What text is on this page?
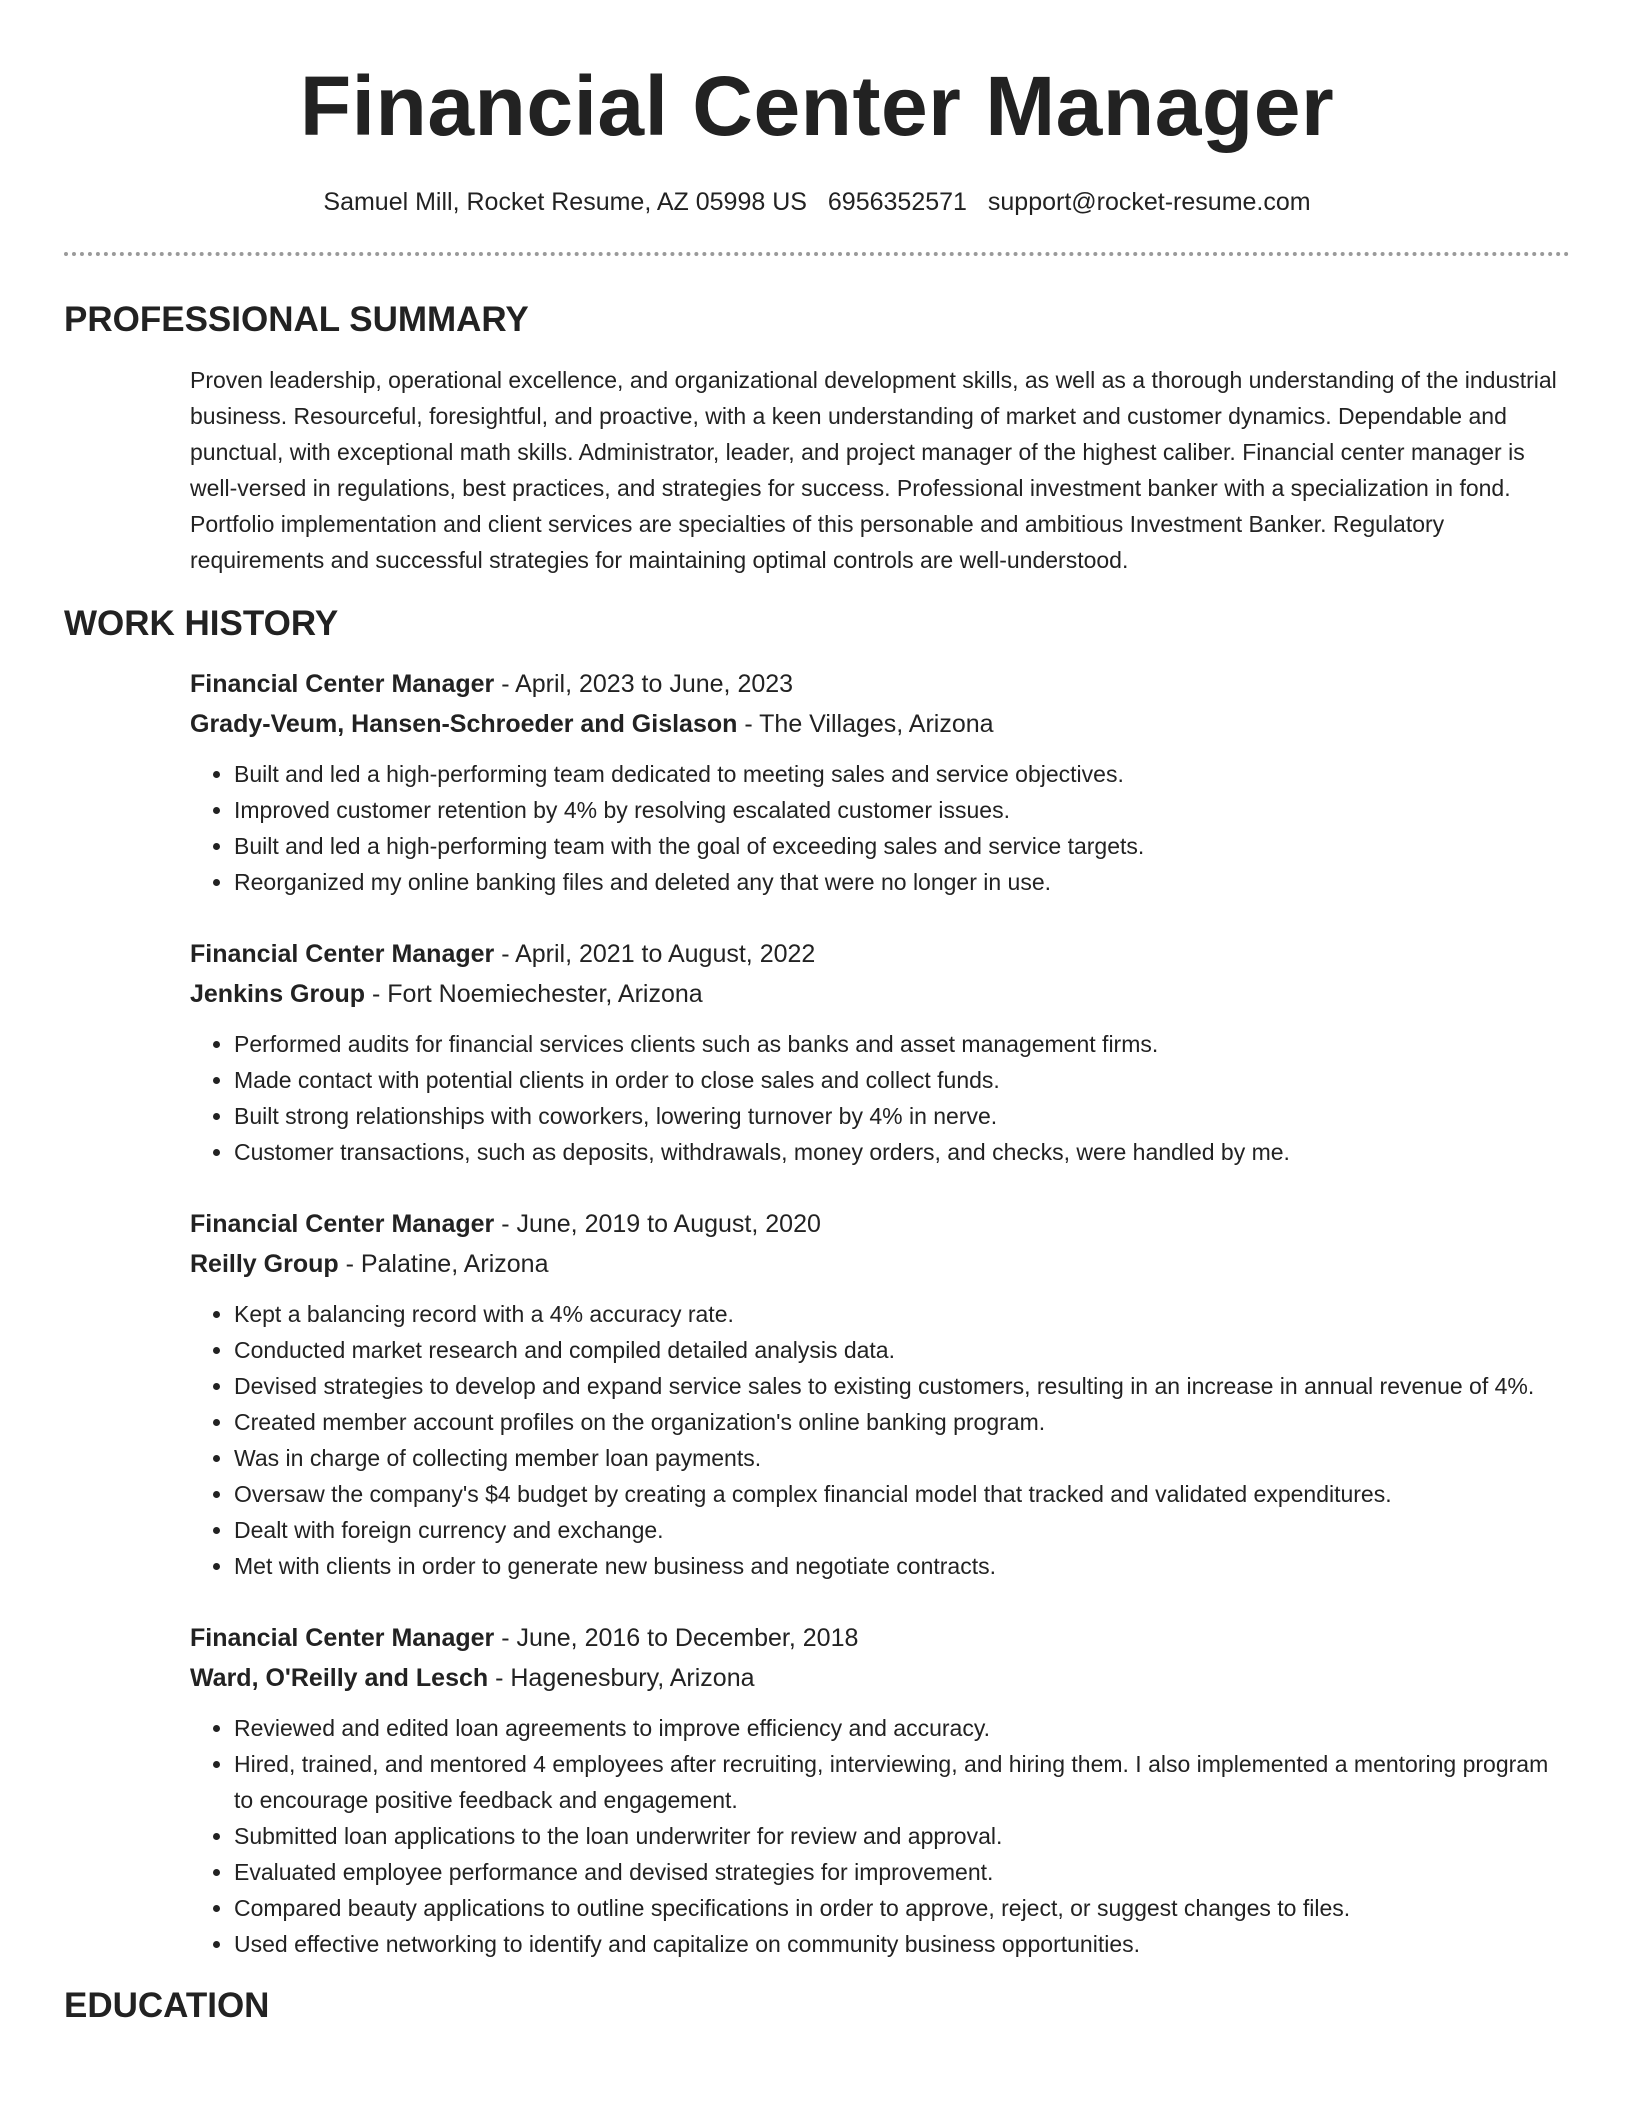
Financial Center Manager
Samuel Mill, Rocket Resume, AZ 05998 US 6956352571 support@rocket-resume.com
PROFESSIONAL SUMMARY
Proven leadership, operational excellence, and organizational development skills, as well as a thorough understanding of the industrial business. Resourceful, foresightful, and proactive, with a keen understanding of market and customer dynamics. Dependable and punctual, with exceptional math skills. Administrator, leader, and project manager of the highest caliber. Financial center manager is well-versed in regulations, best practices, and strategies for success. Professional investment banker with a specialization in fond. Portfolio implementation and client services are specialties of this personable and ambitious Investment Banker. Regulatory requirements and successful strategies for maintaining optimal controls are well-understood.
WORK HISTORY
Financial Center Manager - April, 2023 to June, 2023
Grady-Veum, Hansen-Schroeder and Gislason - The Villages, Arizona
• Built and led a high-performing team dedicated to meeting sales and service objectives.
• Improved customer retention by 4% by resolving escalated customer issues.
• Built and led a high-performing team with the goal of exceeding sales and service targets.
• Reorganized my online banking files and deleted any that were no longer in use.
Financial Center Manager - April, 2021 to August, 2022
Jenkins Group - Fort Noemiechester, Arizona
• Performed audits for financial services clients such as banks and asset management firms.
• Made contact with potential clients in order to close sales and collect funds.
• Built strong relationships with coworkers, lowering turnover by 4% in nerve.
• Customer transactions, such as deposits, withdrawals, money orders, and checks, were handled by me.
Financial Center Manager - June, 2019 to August, 2020
Reilly Group - Palatine, Arizona
• Kept a balancing record with a 4% accuracy rate.
• Conducted market research and compiled detailed analysis data.
• Devised strategies to develop and expand service sales to existing customers, resulting in an increase in annual revenue of 4%.
• Created member account profiles on the organization's online banking program.
• Was in charge of collecting member loan payments.
• Oversaw the company's $4 budget by creating a complex financial model that tracked and validated expenditures.
• Dealt with foreign currency and exchange.
• Met with clients in order to generate new business and negotiate contracts.
Financial Center Manager - June, 2016 to December, 2018
Ward, O'Reilly and Lesch - Hagenesbury, Arizona
• Reviewed and edited loan agreements to improve efficiency and accuracy.
• Hired, trained, and mentored 4 employees after recruiting, interviewing, and hiring them. I also implemented a mentoring program to encourage positive feedback and engagement.
• Submitted loan applications to the loan underwriter for review and approval.
• Evaluated employee performance and devised strategies for improvement.
• Compared beauty applications to outline specifications in order to approve, reject, or suggest changes to files.
• Used effective networking to identify and capitalize on community business opportunities.
EDUCATION
